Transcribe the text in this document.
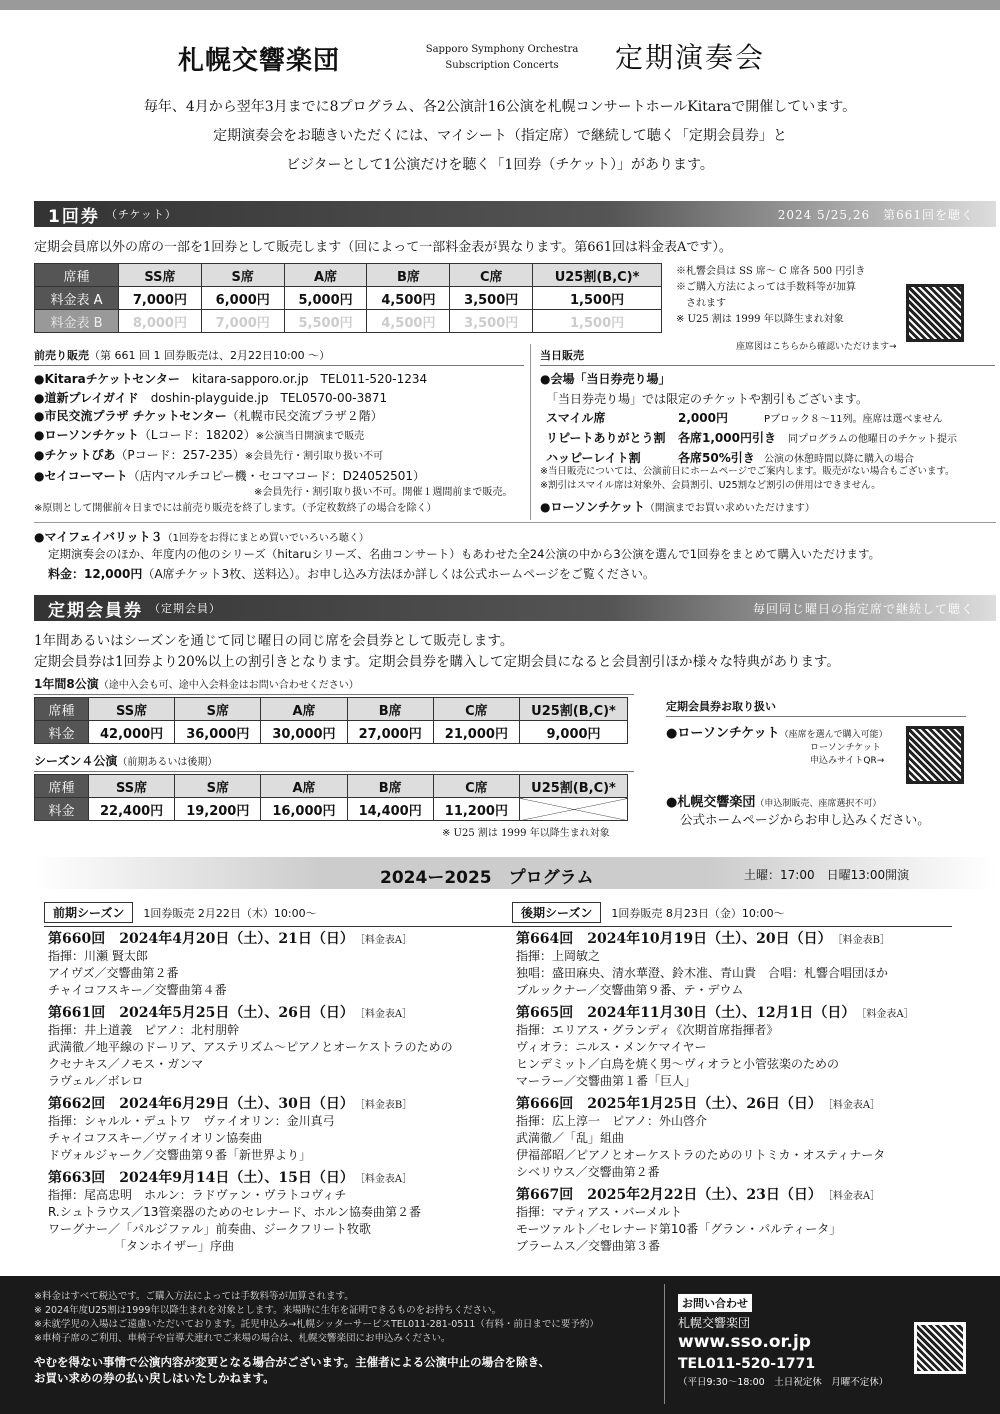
札幌交響楽団	Sapporo Symphony Orchestra
Subscription Concerts	定期演奏会
毎年、4月から翌年3月までに8プログラム、各2公演計16公演を札幌コンサートホールKitaraで開催しています。
定期演奏会をお聴きいただくには、マイシート（指定席）で継続して聴く「定期会員券」と
ビジターとして1公演だけを聴く「1回券（チケット）」があります。
1回券 （チケット）	2024 5/25,26　第661回を聴く
定期会員席以外の席の一部を1回券として販売します（回によって一部料金表が異なります。第661回は料金表Aです）。
席種	SS席	S席	A席	B席	C席	U25割(B,C)*
料金表 A	7,000円	6,000円	5,000円	4,500円	3,500円	1,500円
料金表 B	8,000円	7,000円	5,500円	4,500円	3,500円	1,500円
※札響会員は SS 席～ C 席各 500 円引き
※ご購入方法によっては手数料等が加算
　されます
※ U25 割は 1999 年以降生まれ対象
座席図はこちらから確認いただけます→
前売り販売（第 661 回 1 回券販売は、2月22日10:00 ～）
●Kitaraチケットセンター　 kitara-sapporo.or.jp　TEL011-520-1234
●道新プレイガイド　 doshin-playguide.jp　TEL0570-00-3871
●市民交流プラザ チケットセンター（札幌市民交流プラザ２階）
●ローソンチケット（Lコード：18202）※公演当日開演まで販売
●チケットぴあ（Pコード：257-235）※会員先行・割引取り扱い不可
●セイコーマート（店内マルチコピー機・セコマコード：D24052501）
※会員先行・割引取り扱い不可。開催１週間前まで販売。
※原則として開催前々日までには前売り販売を終了します。（予定枚数終了の場合を除く）
当日販売
●会場「当日券売り場」
「当日券売り場」では限定のチケットや割引もございます。
スマイル席	2,000円	Pブロック８～11列。座席は選べません
リピートありがとう割 各席1,000円引き 同プログラムの他曜日のチケット提示
ハッピーレイト割	各席50%引き 公演の休憩時間以降に購入の場合
※当日販売については、公演前日にホームページでご案内します。販売がない場合もございます。
※割引はスマイル席は対象外、会員割引、U25割など割引の併用はできません。
●ローソンチケット（開演までお買い求めいただけます）
●マイフェイバリット３（1回券をお得にまとめ買いでいろいろ聴く）
定期演奏会のほか、年度内の他のシリーズ（hitaruシリーズ、名曲コンサート）もあわせた全24公演の中から3公演を選んで1回券をまとめて購入いただけます。
料金：12,000円（A席チケット3枚、送料込）。お申し込み方法ほか詳しくは公式ホームページをご覧ください。
定期会員券 （定期会員）	毎回同じ曜日の指定席で継続して聴く
1年間あるいはシーズンを通じて同じ曜日の同じ席を会員券として販売します。
定期会員券は1回券より20%以上の割引きとなります。定期会員券を購入して定期会員になると会員割引ほか様々な特典があります。
1年間8公演（途中入会も可、途中入会料金はお問い合わせください）
席種	SS席	S席	A席	B席	C席	U25割(B,C)*
料金	42,000円	36,000円	30,000円	27,000円	21,000円	9,000円
シーズン４公演（前期あるいは後期）
席種	SS席	S席	A席	B席	C席	U25割(B,C)*
料金	22,400円	19,200円	16,000円	14,400円	11,200円	
※ U25 割は 1999 年以降生まれ対象
定期会員券お取り扱い
●ローソンチケット（座席を選んで購入可能）
ローソンチケット
申込みサイトQR→
●札幌交響楽団（申込制販売、座席選択不可）
公式ホームページからお申し込みください。
2024ー2025　プログラム	土曜：17:00　日曜13:00開演
前期シーズン 1回券販売 2月22日（木）10:00～
第660回　2024年4月20日（土）、21日（日） ［料金表A］
指揮：川瀬 賢太郎
アイヴズ／交響曲第２番
チャイコフスキー／交響曲第４番
第661回　2024年5月25日（土）、26日（日） ［料金表A］
指揮：井上道義　ピアノ：北村朋幹
武満徹／地平線のドーリア、アステリズム～ピアノとオーケストラのための
クセナキス／ノモス・ガンマ
ラヴェル／ボレロ
第662回　2024年6月29日（土）、30日（日） ［料金表B］
指揮：シャルル・デュトワ　ヴァイオリン：金川真弓
チャイコフスキー／ヴァイオリン協奏曲
ドヴォルジャーク／交響曲第９番「新世界より」
第663回　2024年9月14日（土）、15日（日） ［料金表A］
指揮：尾高忠明　ホルン：ラドヴァン・ヴラトコヴィチ
R.シュトラウス／13管楽器のためのセレナード、ホルン協奏曲第２番
ワーグナー／「パルジファル」前奏曲、ジークフリート牧歌
　　　　　　「タンホイザー」序曲
後期シーズン 1回券販売 8月23日（金）10:00～
第664回　2024年10月19日（土）、20日（日） ［料金表B］
指揮：上岡敏之
独唱：盛田麻央、清水華澄、鈴木准、青山貴　合唱：札響合唱団ほか
ブルックナー／交響曲第９番、テ・デウム
第665回　2024年11月30日（土）、12月1日（日） ［料金表A］
指揮：エリアス・グランディ《次期首席指揮者》
ヴィオラ：ニルス・メンケマイヤー
ヒンデミット／白鳥を焼く男～ヴィオラと小管弦楽のための
マーラー／交響曲第１番「巨人」
第666回　2025年1月25日（土）、26日（日） ［料金表A］
指揮：広上淳一　ピアノ：外山啓介
武満徹／「乱」組曲
伊福部昭／ピアノとオーケストラのためのリトミカ・オスティナータ
シベリウス／交響曲第２番
第667回　2025年2月22日（土）、23日（日） ［料金表A］
指揮：マティアス・バーメルト
モーツァルト／セレナード第10番「グラン・パルティータ」
ブラームス／交響曲第３番
※料金はすべて税込です。ご購入方法によっては手数料等が加算されます。
※ 2024年度U25割は1999年以降生まれを対象とします。来場時に生年を証明できるものをお持ちください。
※未就学児の入場はご遠慮いただいております。託児申込み→札幌シッターサービスTEL011-281-0511（有料・前日までに要予約）
※車椅子席のご利用、車椅子や盲導犬連れでご来場の場合は、札幌交響楽団にお申込みください。
やむを得ない事情で公演内容が変更となる場合がございます。主催者による公演中止の場合を除き、
お買い求めの券の払い戻しはいたしかねます。
お問い合わせ
札幌交響楽団
www.sso.or.jp
TEL011-520-1771
（平日9:30～18:00　土日祝定休　月曜不定休）
